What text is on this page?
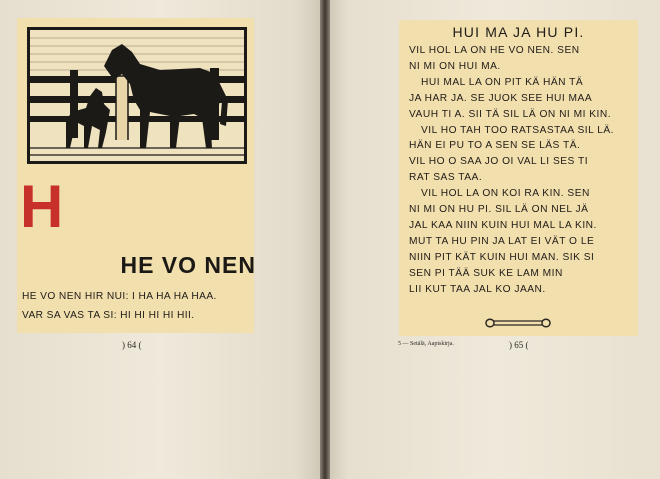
H
HE VO NEN
HE VO NEN HIR NUI: I HA HA HA HAA.
VAR SA VAS TA SI: HI HI HI HI HII.
) 64 (
HUI MA JA HU PI.
VIL HOL LA ON HE VO NEN. SEN
NI MI ON HUI MA.
HUI MAL LA ON PIT KÄ HÄN TÄ
JA HAR JA. SE JUOK SEE HUI MAA
VAUH TI A. SII TÄ SIL LÄ ON NI MI KIN.
VIL HO TAH TOO RATSASTAA SIL LÄ.
HÄN EI PU TO A SEN SE LÄS TÄ.
VIL HO O SAA JO OI VAL LI SES TI
RAT SAS TAA.
VIL HOL LA ON KOI RA KIN. SEN
NI MI ON HU PI. SIL LÄ ON NEL JÄ
JAL KAA NIIN KUIN HUI MAL LA KIN.
MUT TA HU PIN JA LAT EI VÄT O LE
NIIN PIT KÄT KUIN HUI MAN. SIK SI
SEN PI TÄÄ SUK KE LAM MIN
5 — Setälä, Aapiskirja.	) 65 (
LII KUT TAA JAL KO JAAN.
